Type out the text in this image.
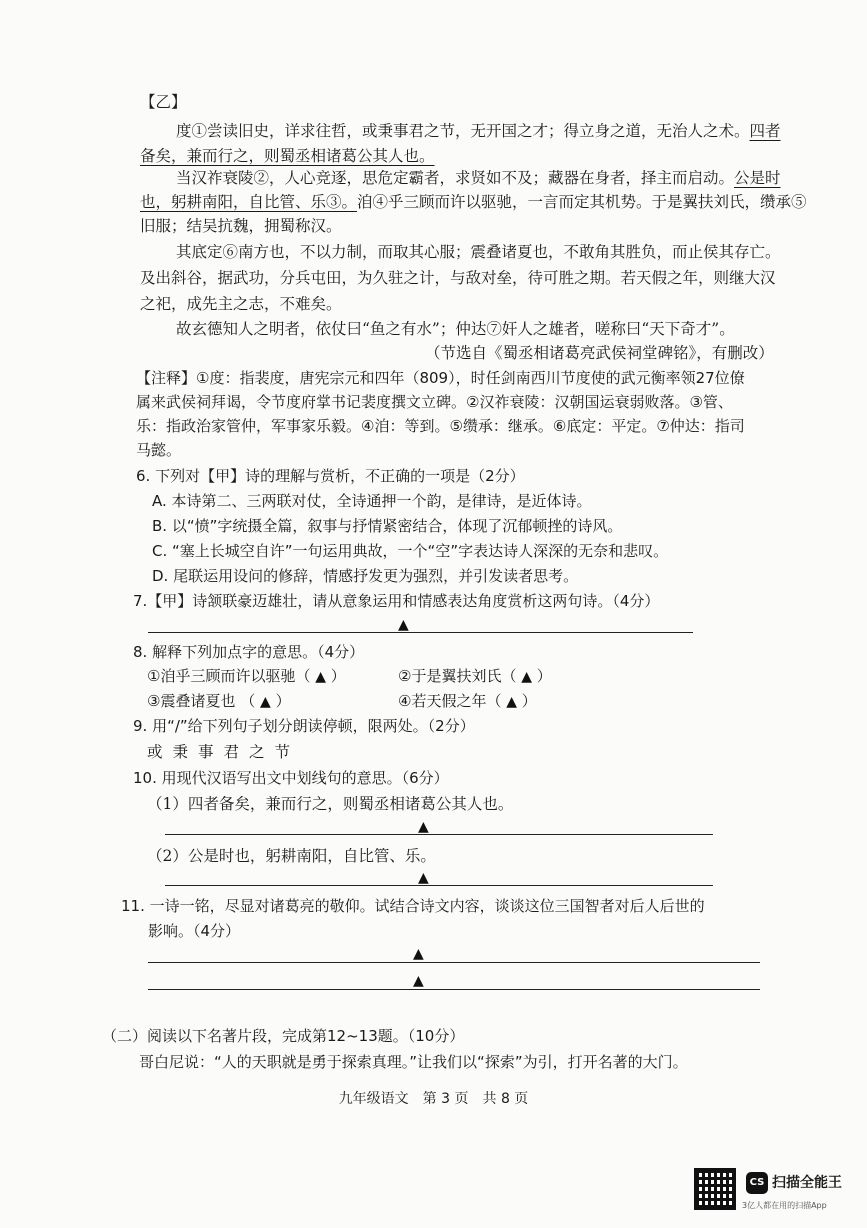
【乙】
度①尝读旧史，详求往哲，或秉事君之节，无开国之才；得立身之道，无治人之术。四者
备矣，兼而行之，则蜀丞相诸葛公其人也。
当汉祚衰陵②，人心竞逐，思危定霸者，求贤如不及；藏器在身者，择主而启动。公是时
也，躬耕南阳，自比管、乐③。洎④乎三顾而许以驱驰，一言而定其机势。于是翼扶刘氏，缵承⑤
旧服；结吴抗魏，拥蜀称汉。
其底定⑥南方也，不以力制，而取其心服；震叠诸夏也，不敢角其胜负，而止侯其存亡。
及出斜谷，据武功，分兵屯田，为久驻之计，与敌对垒，待可胜之期。若天假之年，则继大汉
之祀，成先主之志，不难矣。
故玄德知人之明者，依仗曰“鱼之有水”；仲达⑦奸人之雄者，嗟称曰“天下奇才”。
（节选自《蜀丞相诸葛亮武侯祠堂碑铭》，有删改）
【注释】①度：指裴度，唐宪宗元和四年（809），时任剑南西川节度使的武元衡率领27位僚
属来武侯祠拜谒，令节度府掌书记裴度撰文立碑。②汉祚衰陵：汉朝国运衰弱败落。③管、
乐：指政治家管仲，军事家乐毅。④洎：等到。⑤缵承：继承。⑥底定：平定。⑦仲达：指司
马懿。
6. 下列对【甲】诗的理解与赏析，不正确的一项是（2分）
A. 本诗第二、三两联对仗，全诗通押一个韵，是律诗，是近体诗。
B. 以“愤”字统摄全篇，叙事与抒情紧密结合，体现了沉郁顿挫的诗风。
C. “塞上长城空自许”一句运用典故，一个“空”字表达诗人深深的无奈和悲叹。
D. 尾联运用设问的修辞，情感抒发更为强烈，并引发读者思考。
7.【甲】诗颔联豪迈雄壮，请从意象运用和情感表达角度赏析这两句诗。（4分）
▲
8. 解释下列加点字的意思。（4分）
①洎乎三顾而许以驱驰（ ▲ ）	②于是翼扶刘氏（ ▲ ）
③震叠诸夏也 （ ▲ ）	④若天假之年（ ▲ ）
9. 用“/”给下列句子划分朗读停顿，限两处。（2分）
或秉事君之节
10. 用现代汉语写出文中划线句的意思。（6分）
（1）四者备矣，兼而行之，则蜀丞相诸葛公其人也。
▲
（2）公是时也，躬耕南阳，自比管、乐。
▲
11. 一诗一铭，尽显对诸葛亮的敬仰。试结合诗文内容，谈谈这位三国智者对后人后世的
影响。（4分）
▲
▲
（二）阅读以下名著片段，完成第12~13题。（10分）
哥白尼说：“人的天职就是勇于探索真理。”让我们以“探索”为引，打开名著的大门。
九年级语文　第 3 页　共 8 页
CS 扫描全能王
3亿人都在用的扫描App
